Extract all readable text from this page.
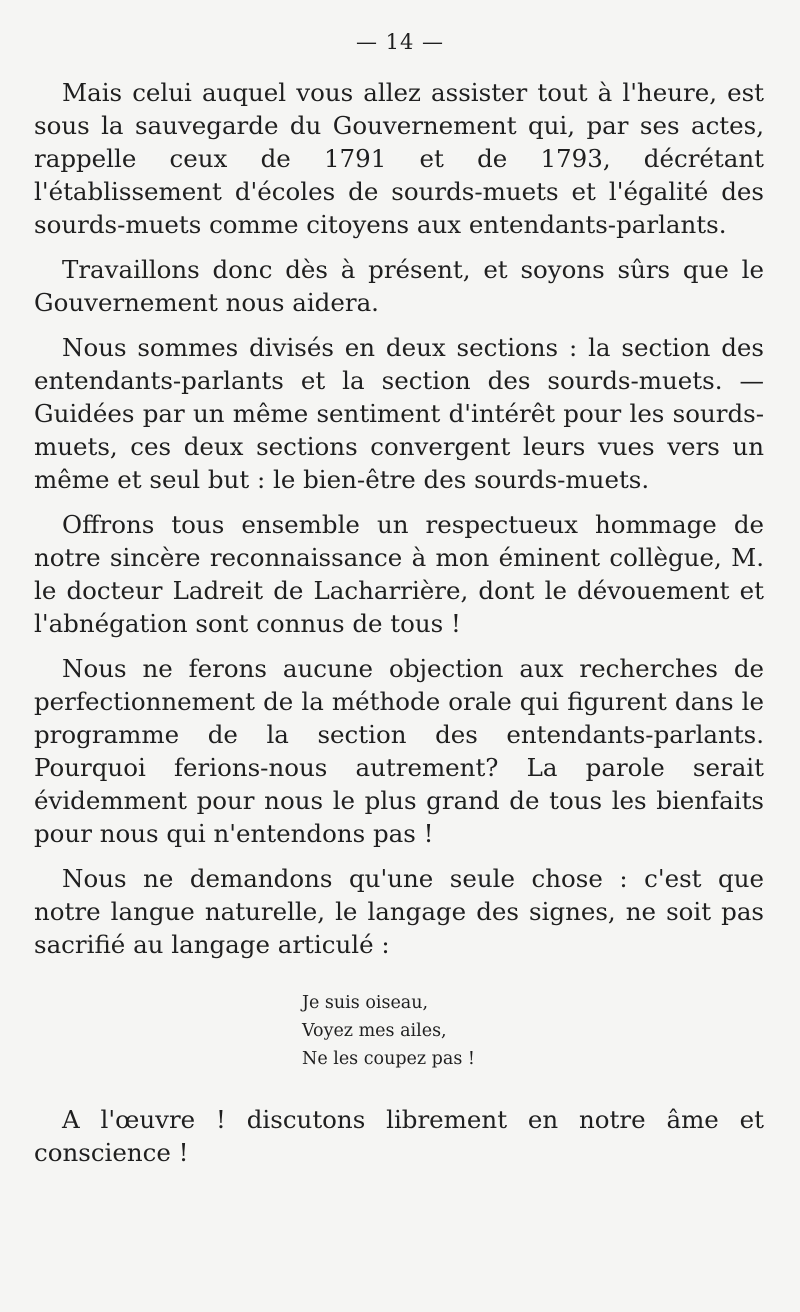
— 14 —

Mais celui auquel vous allez assister tout à l'heure, est sous la sauvegarde du Gouvernement qui, par ses actes, rappelle ceux de 1791 et de 1793, décrétant l'établissement d'écoles de sourds-muets et l'égalité des sourds-muets comme citoyens aux entendants-parlants.

Travaillons donc dès à présent, et soyons sûrs que le Gouvernement nous aidera.

Nous sommes divisés en deux sections : la section des entendants-parlants et la section des sourds-muets. — Guidées par un même sentiment d'intérêt pour les sourds-muets, ces deux sections convergent leurs vues vers un même et seul but : le bien-être des sourds-muets.

Offrons tous ensemble un respectueux hommage de notre sincère reconnaissance à mon éminent collègue, M. le docteur Ladreit de Lacharrière, dont le dévouement et l'abnégation sont connus de tous !

Nous ne ferons aucune objection aux recherches de perfectionnement de la méthode orale qui figurent dans le programme de la section des entendants-parlants. Pourquoi ferions-nous autrement? La parole serait évidemment pour nous le plus grand de tous les bienfaits pour nous qui n'entendons pas !

Nous ne demandons qu'une seule chose : c'est que notre langue naturelle, le langage des signes, ne soit pas sacrifié au langage articulé :

Je suis oiseau,
Voyez mes ailes,
Ne les coupez pas !

A l'œuvre ! discutons librement en notre âme et conscience !
